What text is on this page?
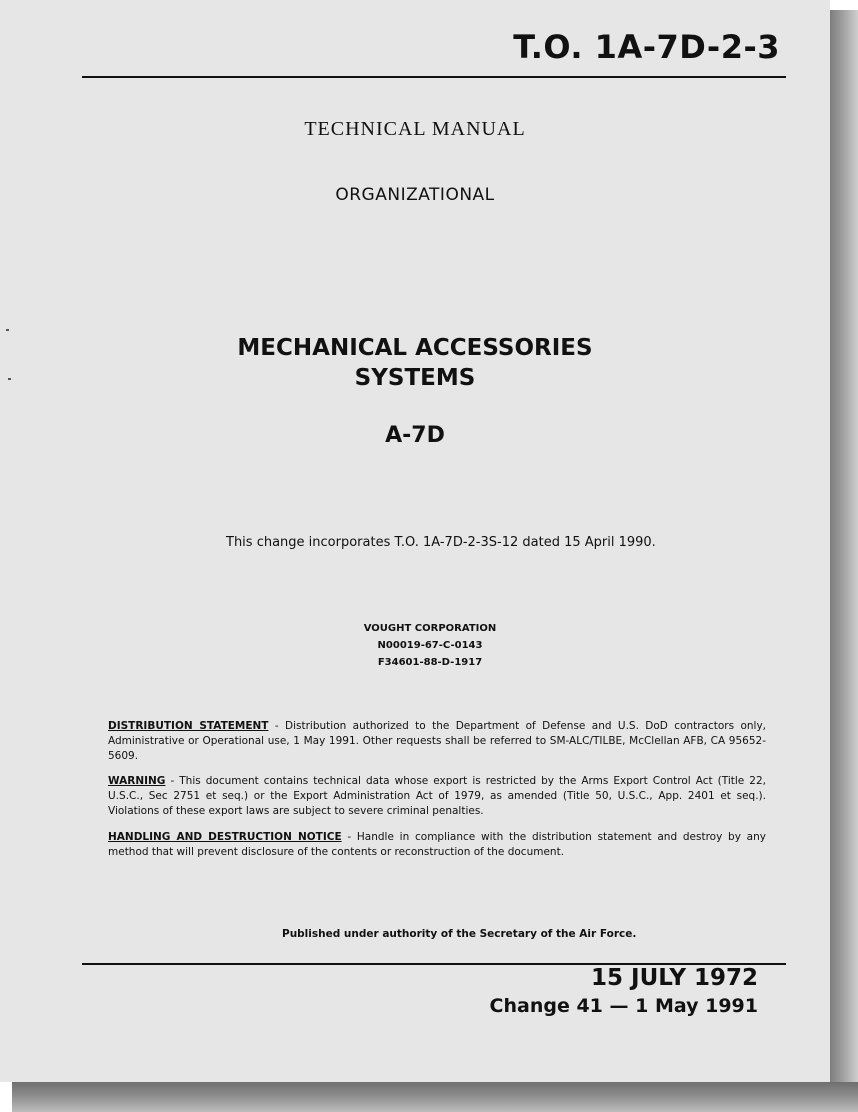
T.O. 1A-7D-2-3
TECHNICAL MANUAL
ORGANIZATIONAL
MECHANICAL ACCESSORIES
SYSTEMS
A-7D
This change incorporates T.O. 1A-7D-2-3S-12 dated 15 April 1990.
VOUGHT CORPORATION
N00019-67-C-0143
F34601-88-D-1917
DISTRIBUTION STATEMENT - Distribution authorized to the Department of Defense and U.S. DoD contractors only, Administrative or Operational use, 1 May 1991. Other requests shall be referred to SM-ALC/TILBE, McClellan AFB, CA 95652-5609.
WARNING - This document contains technical data whose export is restricted by the Arms Export Control Act (Title 22, U.S.C., Sec 2751 et seq.) or the Export Administration Act of 1979, as amended (Title 50, U.S.C., App. 2401 et seq.). Violations of these export laws are subject to severe criminal penalties.
HANDLING AND DESTRUCTION NOTICE - Handle in compliance with the distribution statement and destroy by any method that will prevent disclosure of the contents or reconstruction of the document.
Published under authority of the Secretary of the Air Force.
15 JULY 1972
Change 41 — 1 May 1991
